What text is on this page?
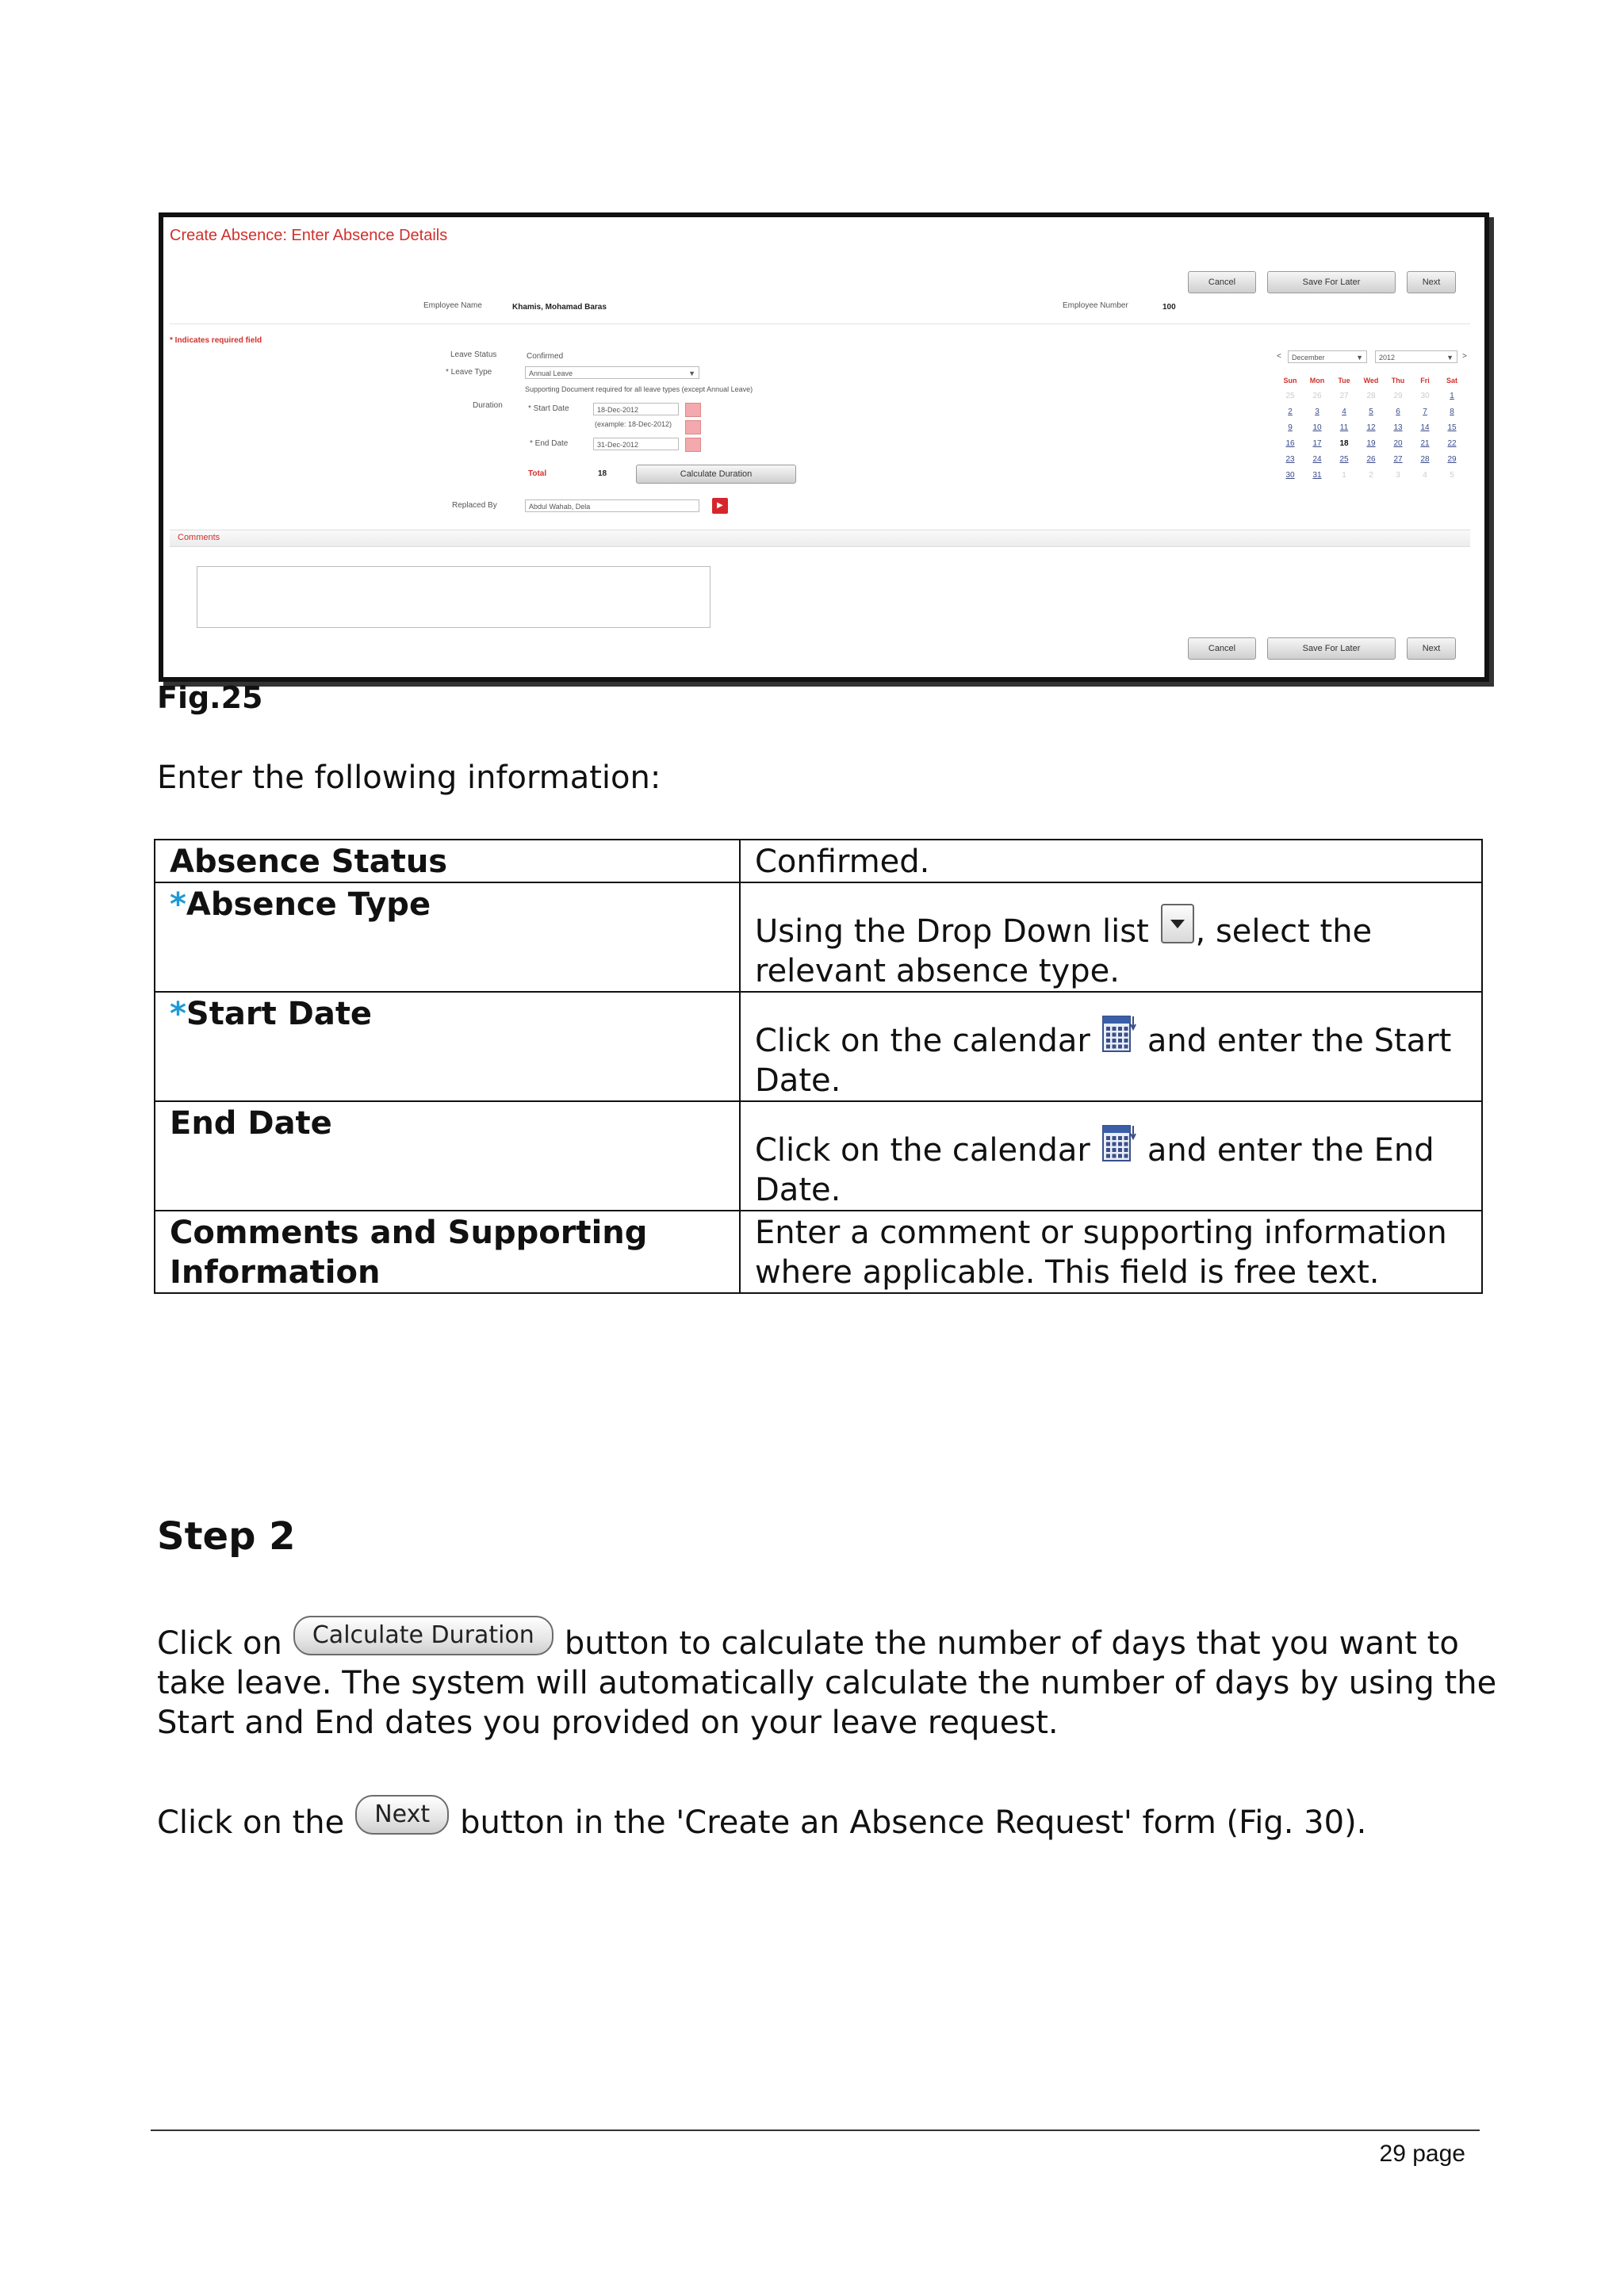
Create Absence: Enter Absence Details
Cancel	Save For Later	Next
Employee Name	Khamis, Mohamad Baras	Employee Number	100
* Indicates required field
Leave Status	Confirmed
* Leave Type	Annual Leave	▼
Supporting Document required for all leave types (except Annual Leave)
Duration	* Start Date	18-Dec-2012
(example: 18-Dec-2012)
* End Date	31-Dec-2012
Total	18	Calculate Duration
Replaced By	Abdul Wahab, Dela	▶
Comments
Cancel	Save For Later	Next
<	December	▼	2012	▼ >
Sun	Mon	Tue	Wed	Thu	Fri	Sat
25	26	27	28	29	30	1
2	3	4	5	6	7	8
9	10	11	12	13	14	15
16	17	18	19	20	21	22
23	24	25	26	27	28	29
30	31	1	2	3	4	5
Fig.25
Enter the following information:
Absence Status	Confirmed.
*Absence Type	Using the Drop Down list , select the relevant absence type.
*Start Date	Click on the calendar and enter the Start Date.
End Date	Click on the calendar and enter the End Date.
Comments and Supporting Information	Enter a comment or supporting information where applicable. This field is free text.
Step 2
Click on Calculate Duration button to calculate the number of days that you want to take leave. The system will automatically calculate the number of days by using the Start and End dates you provided on your leave request.
Click on the Next button in the 'Create an Absence Request' form (Fig. 30).
29 page
